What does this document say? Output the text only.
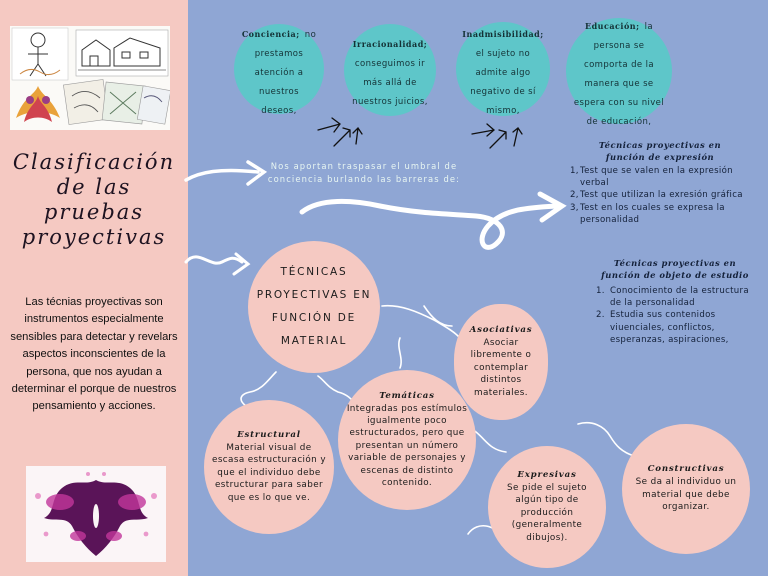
Clasificación de las pruebas proyectivas
Las técnias proyectivas son instrumentos especialmente sensibles para detectar y revelars aspectos inconscientes de la persona, que nos ayudan a determinar el porque de nuestros pensamiento y acciones.
Conciencia; no prestamos atención a nuestros deseos,
Irracionalidad; conseguimos ir más allá de nuestros juicios,
Inadmisibilidad; el sujeto no admite algo negativo de sí mismo,
Educación; la persona se comporta de la manera que se espera con su nivel de educación,
Nos aportan traspasar el umbral de conciencia burlando las barreras de:
TÉCNICAS PROYECTIVAS EN FUNCIÓN DE MATERIAL
Asociativas
Asociar libremente o contemplar distintos materiales.
Temáticas
Integradas pos estímulos igualmente poco estructurados, pero que presentan un número variable de personajes y escenas de distinto contenido.
Estructural
Material visual de escasa estructuración y que el individuo debe estructurar para saber que es lo que ve.
Expresivas
Se pide el sujeto algún tipo de producción (generalmente dibujos).
Constructivas
Se da al individuo un material que debe organizar.
Técnicas proyectivas en función de expresión
1, Test que se valen en la expresión verbal
2, Test que utilizan la exresión gráfica
3, Test en los cuales se expresa la personalidad
Técnicas proyectivas en función de objeto de estudio
1. Conocimiento de la estructura de la personalidad
2. Estudia sus contenidos viuenciales, conflictos, esperanzas, aspiraciones,
